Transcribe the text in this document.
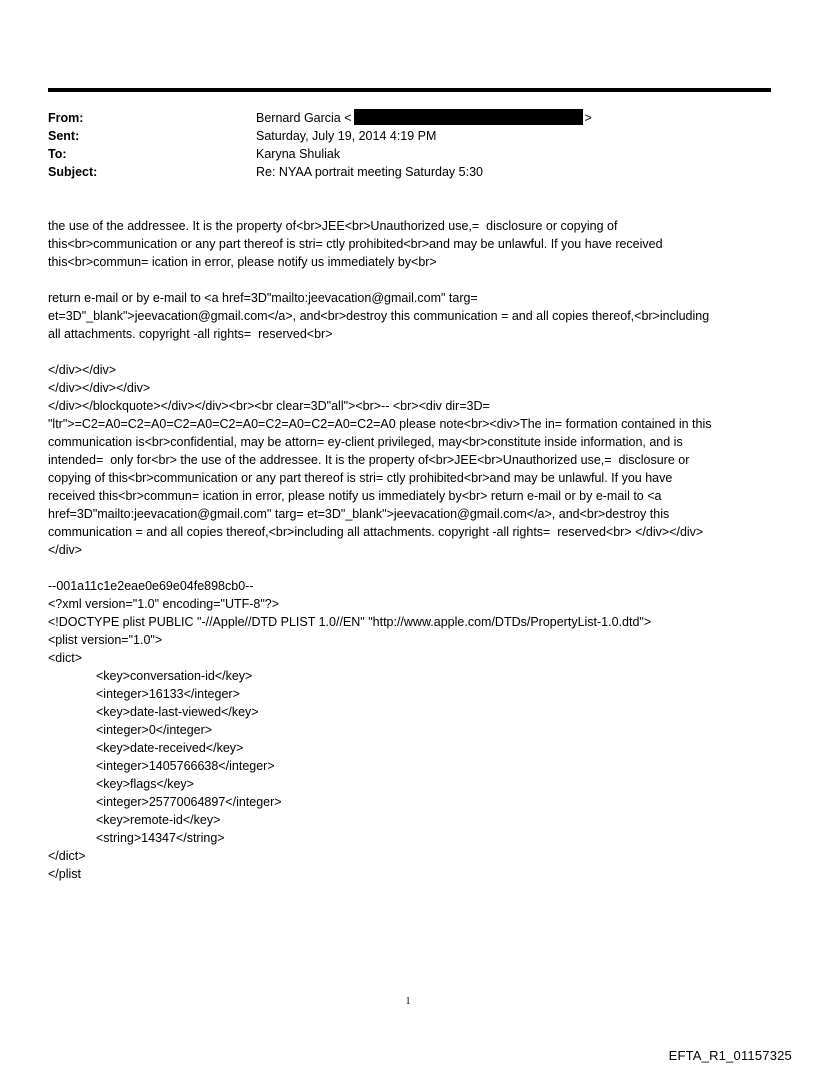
From:	Bernard Garcia <	>
Sent:	Saturday, July 19, 2014 4:19 PM
To:	Karyna Shuliak
Subject:	Re: NYAA portrait meeting Saturday 5:30

the use of the addressee. It is the property of<br>JEE<br>Unauthorized use,=  disclosure or copying of
this<br>communication or any part thereof is stri= ctly prohibited<br>and may be unlawful. If you have received
this<br>commun= ication in error, please notify us immediately by<br>

return e-mail or by e-mail to <a href=3D"mailto:jeevacation@gmail.com" targ=
et=3D"_blank">jeevacation@gmail.com</a>, and<br>destroy this communication = and all copies thereof,<br>including
all attachments. copyright -all rights=  reserved<br>

</div></div>
</div></div></div>
</div></blockquote></div></div><br><br clear=3D"all"><br>-- <br><div dir=3D=
"ltr">=C2=A0=C2=A0=C2=A0=C2=A0=C2=A0=C2=A0=C2=A0 please note<br><div>The in= formation contained in this
communication is<br>confidential, may be attorn= ey-client privileged, may<br>constitute inside information, and is
intended=  only for<br> the use of the addressee. It is the property of<br>JEE<br>Unauthorized use,=  disclosure or
copying of this<br>communication or any part thereof is stri= ctly prohibited<br>and may be unlawful. If you have
received this<br>commun= ication in error, please notify us immediately by<br> return e-mail or by e-mail to <a
href=3D"mailto:jeevacation@gmail.com" targ= et=3D"_blank">jeevacation@gmail.com</a>, and<br>destroy this
communication = and all copies thereof,<br>including all attachments. copyright -all rights=  reserved<br> </div></div>
</div>

--001a11c1e2eae0e69e04fe898cb0--

<?xml version="1.0" encoding="UTF-8"?>

<!DOCTYPE plist PUBLIC "-//Apple//DTD PLIST 1.0//EN" "http://www.apple.com/DTDs/PropertyList-1.0.dtd">

<plist version="1.0">

<dict>

<key>conversation-id</key>

<integer>16133</integer>

<key>date-last-viewed</key>

<integer>0</integer>

<key>date-received</key>

<integer>1405766638</integer>

<key>flags</key>

<integer>25770064897</integer>

<key>remote-id</key>

<string>14347</string>

</dict>

</plist

1
EFTA_R1_01157325
